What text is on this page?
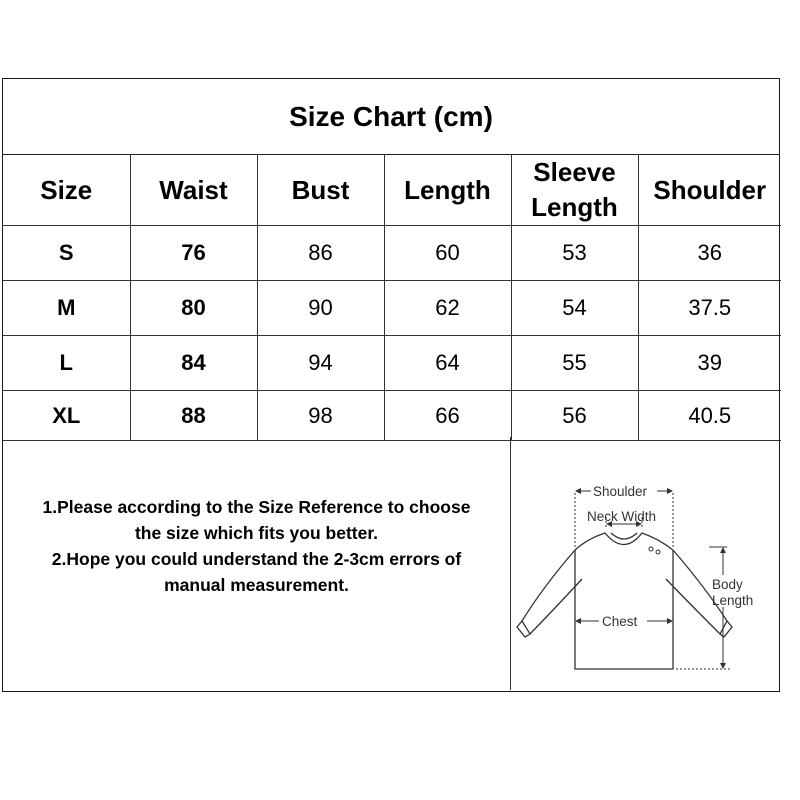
Size Chart (cm)
Size	Waist	Bust	Length	Sleeve Length	Shoulder
S	76	86	60	53	36
M	80	90	62	54	37.5
L	84	94	64	55	39
XL	88	98	66	56	40.5
1.Please according to the Size Reference to choose
the size which fits you better.
2.Hope you could understand the 2-3cm errors of
manual measurement.
Shoulder
Neck Width
Chest
Body
Length
